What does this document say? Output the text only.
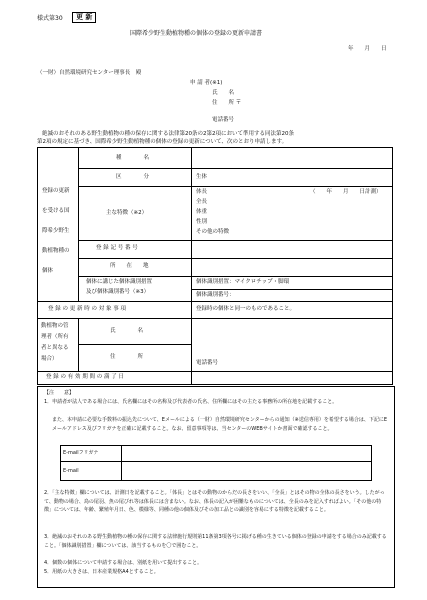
様式第30	更 新
国際希少野生動植物種の個体の登録の更新申請書
年　　月　　日
（一財）自然環境研究センター理事長　殿
申 請 者(※1)
氏　　名
住　　所 〒
電話番号
絶滅のおそれのある野生動植物の種の保存に関する法律第20条の2第2項において準用する同法第20条
第2項の規定に基づき、国際希少野生動植物種の個体の登録の更新について、次のとおり申請します。
登録の更新
を受ける国
際希少野生
動植物種の
個体
種　　　　名
区　　　　分	生体
主な特徴（※2）
体長
全長
体重
性別
その他の特徴
（　　年　　月　　日計測）
登 録 記 号 番 号
所　　在　　地
個体に講じた個体識別措置
及び個体識別番号（※3）
個体識別措置：マイクロチップ・脚環
個体識別番号：
登 録 の 更 新 時 の 対 象 事 項	登録時の個体と同一のものであること。
動植物の管
理者（所有
者と異なる
場合）
氏　　　　名
住　　　　所
電話番号
登 録 の 有 効 期 間 の 満 了 日
【注　　意】
1．申請者が法人である場合には、氏名欄にはその名称及び代表者の氏名、住所欄にはその主たる事務所の所在地を記載すること。
また、本申請に必要な手数料の振込先について、Eメールによる（一財）自然環境研究センターからの通知（※送信専用）を希望する場合は、下記にEメールアドレス及びフリガナを正確に記載すること。なお、留意事項等は、当センターのWEBサイトか書面で確認すること。
E-mailフリガナ
E-mail
2．「主な特徴」欄については、計測日を記載すること。「体長」とはその動物のからだの長さをいい、「全長」とはその物の全体の長さをいう。したがって、動物の場合、鳥の尾羽、魚の尾びれ等は体長には含まない。なお、体長の記入が困難なものについては、全長のみを記入すればよい。「その他の特徴」については、年齢、繁殖年月日、色、模様等、同種の他の個体及びその加工品との識別を容易にする特徴を記載すること。
3．絶滅のおそれのある野生動植物の種の保存に関する法律施行規則第11条第3項各号に掲げる種の生きている個体の登録の申請をする場合のみ記載すること。「個体識別措置」欄については、該当するものを〇で囲むこと。
4．個数の個体について申請する場合は、別紙を用いて提出すること。
5．用紙の大きさは、日本産業規格A4とすること。
